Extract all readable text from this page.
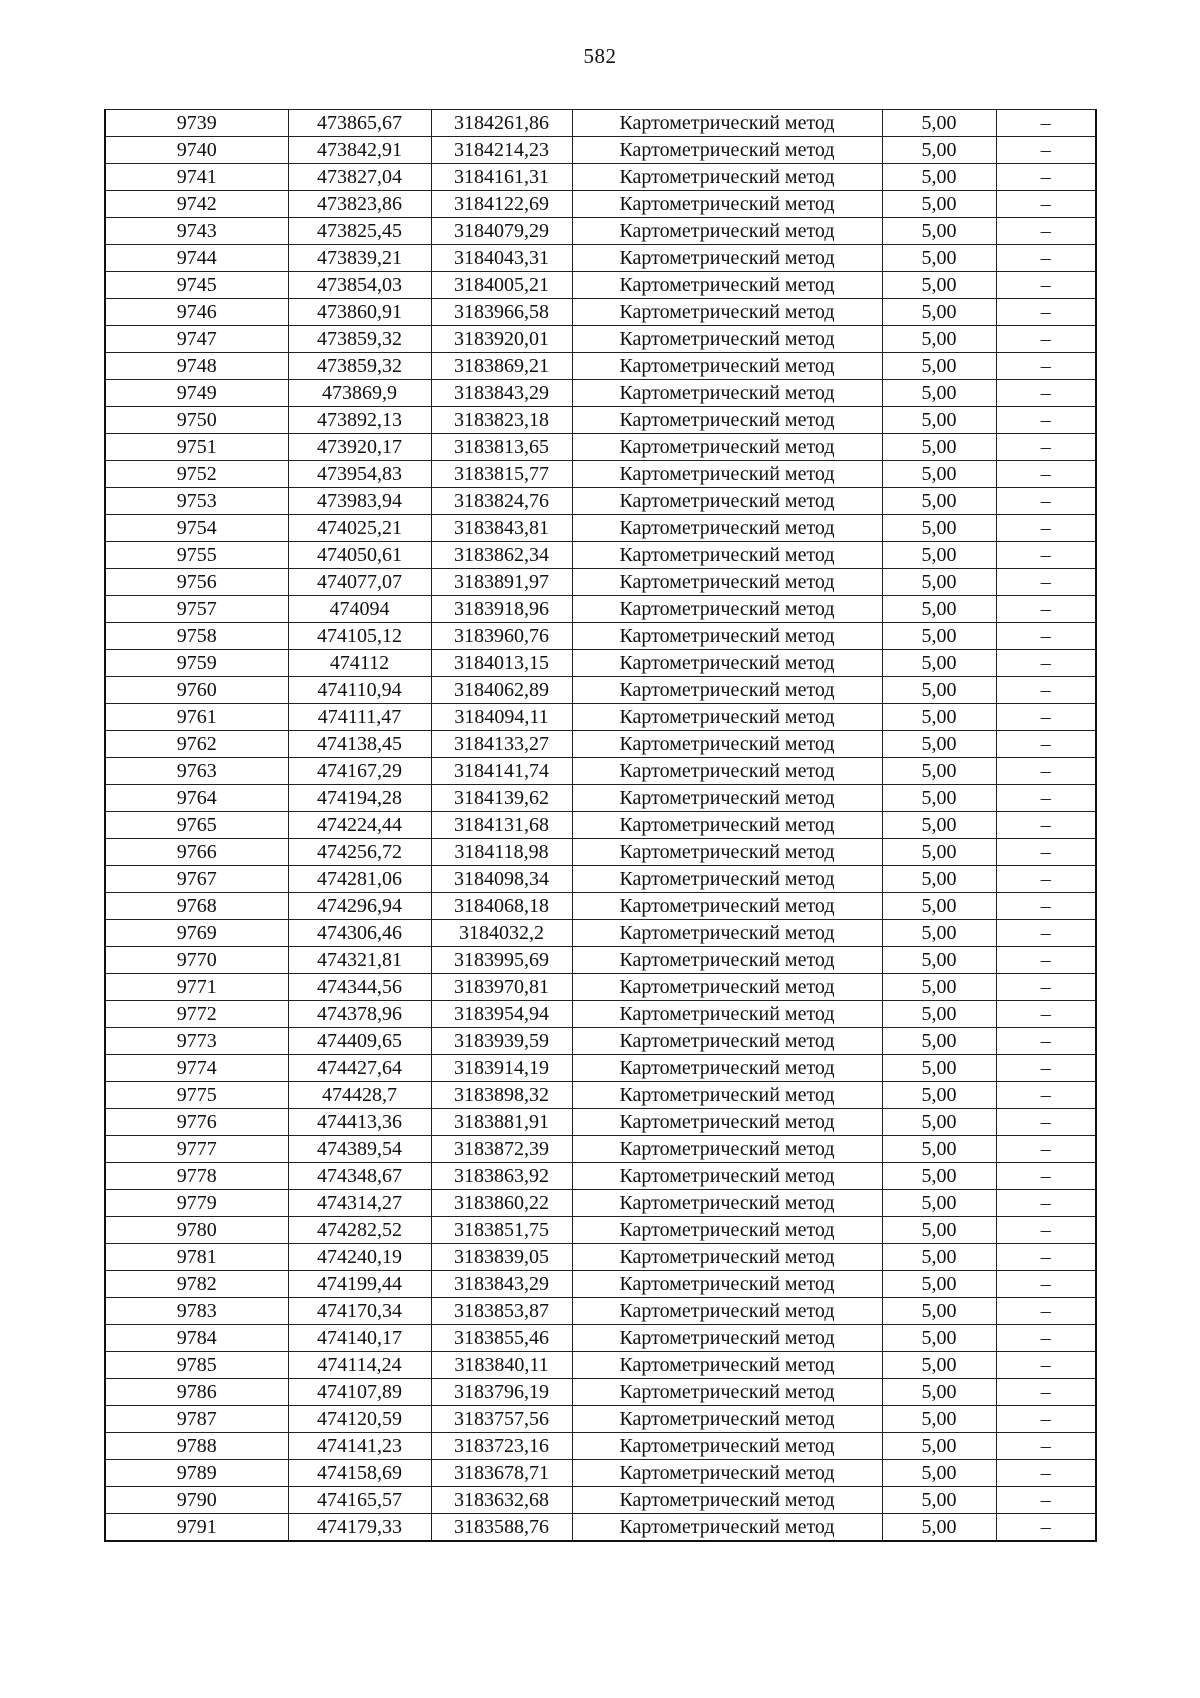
582
9739	473865,67	3184261,86	Картометрический метод	5,00	–
9740	473842,91	3184214,23	Картометрический метод	5,00	–
9741	473827,04	3184161,31	Картометрический метод	5,00	–
9742	473823,86	3184122,69	Картометрический метод	5,00	–
9743	473825,45	3184079,29	Картометрический метод	5,00	–
9744	473839,21	3184043,31	Картометрический метод	5,00	–
9745	473854,03	3184005,21	Картометрический метод	5,00	–
9746	473860,91	3183966,58	Картометрический метод	5,00	–
9747	473859,32	3183920,01	Картометрический метод	5,00	–
9748	473859,32	3183869,21	Картометрический метод	5,00	–
9749	473869,9	3183843,29	Картометрический метод	5,00	–
9750	473892,13	3183823,18	Картометрический метод	5,00	–
9751	473920,17	3183813,65	Картометрический метод	5,00	–
9752	473954,83	3183815,77	Картометрический метод	5,00	–
9753	473983,94	3183824,76	Картометрический метод	5,00	–
9754	474025,21	3183843,81	Картометрический метод	5,00	–
9755	474050,61	3183862,34	Картометрический метод	5,00	–
9756	474077,07	3183891,97	Картометрический метод	5,00	–
9757	474094	3183918,96	Картометрический метод	5,00	–
9758	474105,12	3183960,76	Картометрический метод	5,00	–
9759	474112	3184013,15	Картометрический метод	5,00	–
9760	474110,94	3184062,89	Картометрический метод	5,00	–
9761	474111,47	3184094,11	Картометрический метод	5,00	–
9762	474138,45	3184133,27	Картометрический метод	5,00	–
9763	474167,29	3184141,74	Картометрический метод	5,00	–
9764	474194,28	3184139,62	Картометрический метод	5,00	–
9765	474224,44	3184131,68	Картометрический метод	5,00	–
9766	474256,72	3184118,98	Картометрический метод	5,00	–
9767	474281,06	3184098,34	Картометрический метод	5,00	–
9768	474296,94	3184068,18	Картометрический метод	5,00	–
9769	474306,46	3184032,2	Картометрический метод	5,00	–
9770	474321,81	3183995,69	Картометрический метод	5,00	–
9771	474344,56	3183970,81	Картометрический метод	5,00	–
9772	474378,96	3183954,94	Картометрический метод	5,00	–
9773	474409,65	3183939,59	Картометрический метод	5,00	–
9774	474427,64	3183914,19	Картометрический метод	5,00	–
9775	474428,7	3183898,32	Картометрический метод	5,00	–
9776	474413,36	3183881,91	Картометрический метод	5,00	–
9777	474389,54	3183872,39	Картометрический метод	5,00	–
9778	474348,67	3183863,92	Картометрический метод	5,00	–
9779	474314,27	3183860,22	Картометрический метод	5,00	–
9780	474282,52	3183851,75	Картометрический метод	5,00	–
9781	474240,19	3183839,05	Картометрический метод	5,00	–
9782	474199,44	3183843,29	Картометрический метод	5,00	–
9783	474170,34	3183853,87	Картометрический метод	5,00	–
9784	474140,17	3183855,46	Картометрический метод	5,00	–
9785	474114,24	3183840,11	Картометрический метод	5,00	–
9786	474107,89	3183796,19	Картометрический метод	5,00	–
9787	474120,59	3183757,56	Картометрический метод	5,00	–
9788	474141,23	3183723,16	Картометрический метод	5,00	–
9789	474158,69	3183678,71	Картометрический метод	5,00	–
9790	474165,57	3183632,68	Картометрический метод	5,00	–
9791	474179,33	3183588,76	Картометрический метод	5,00	–
